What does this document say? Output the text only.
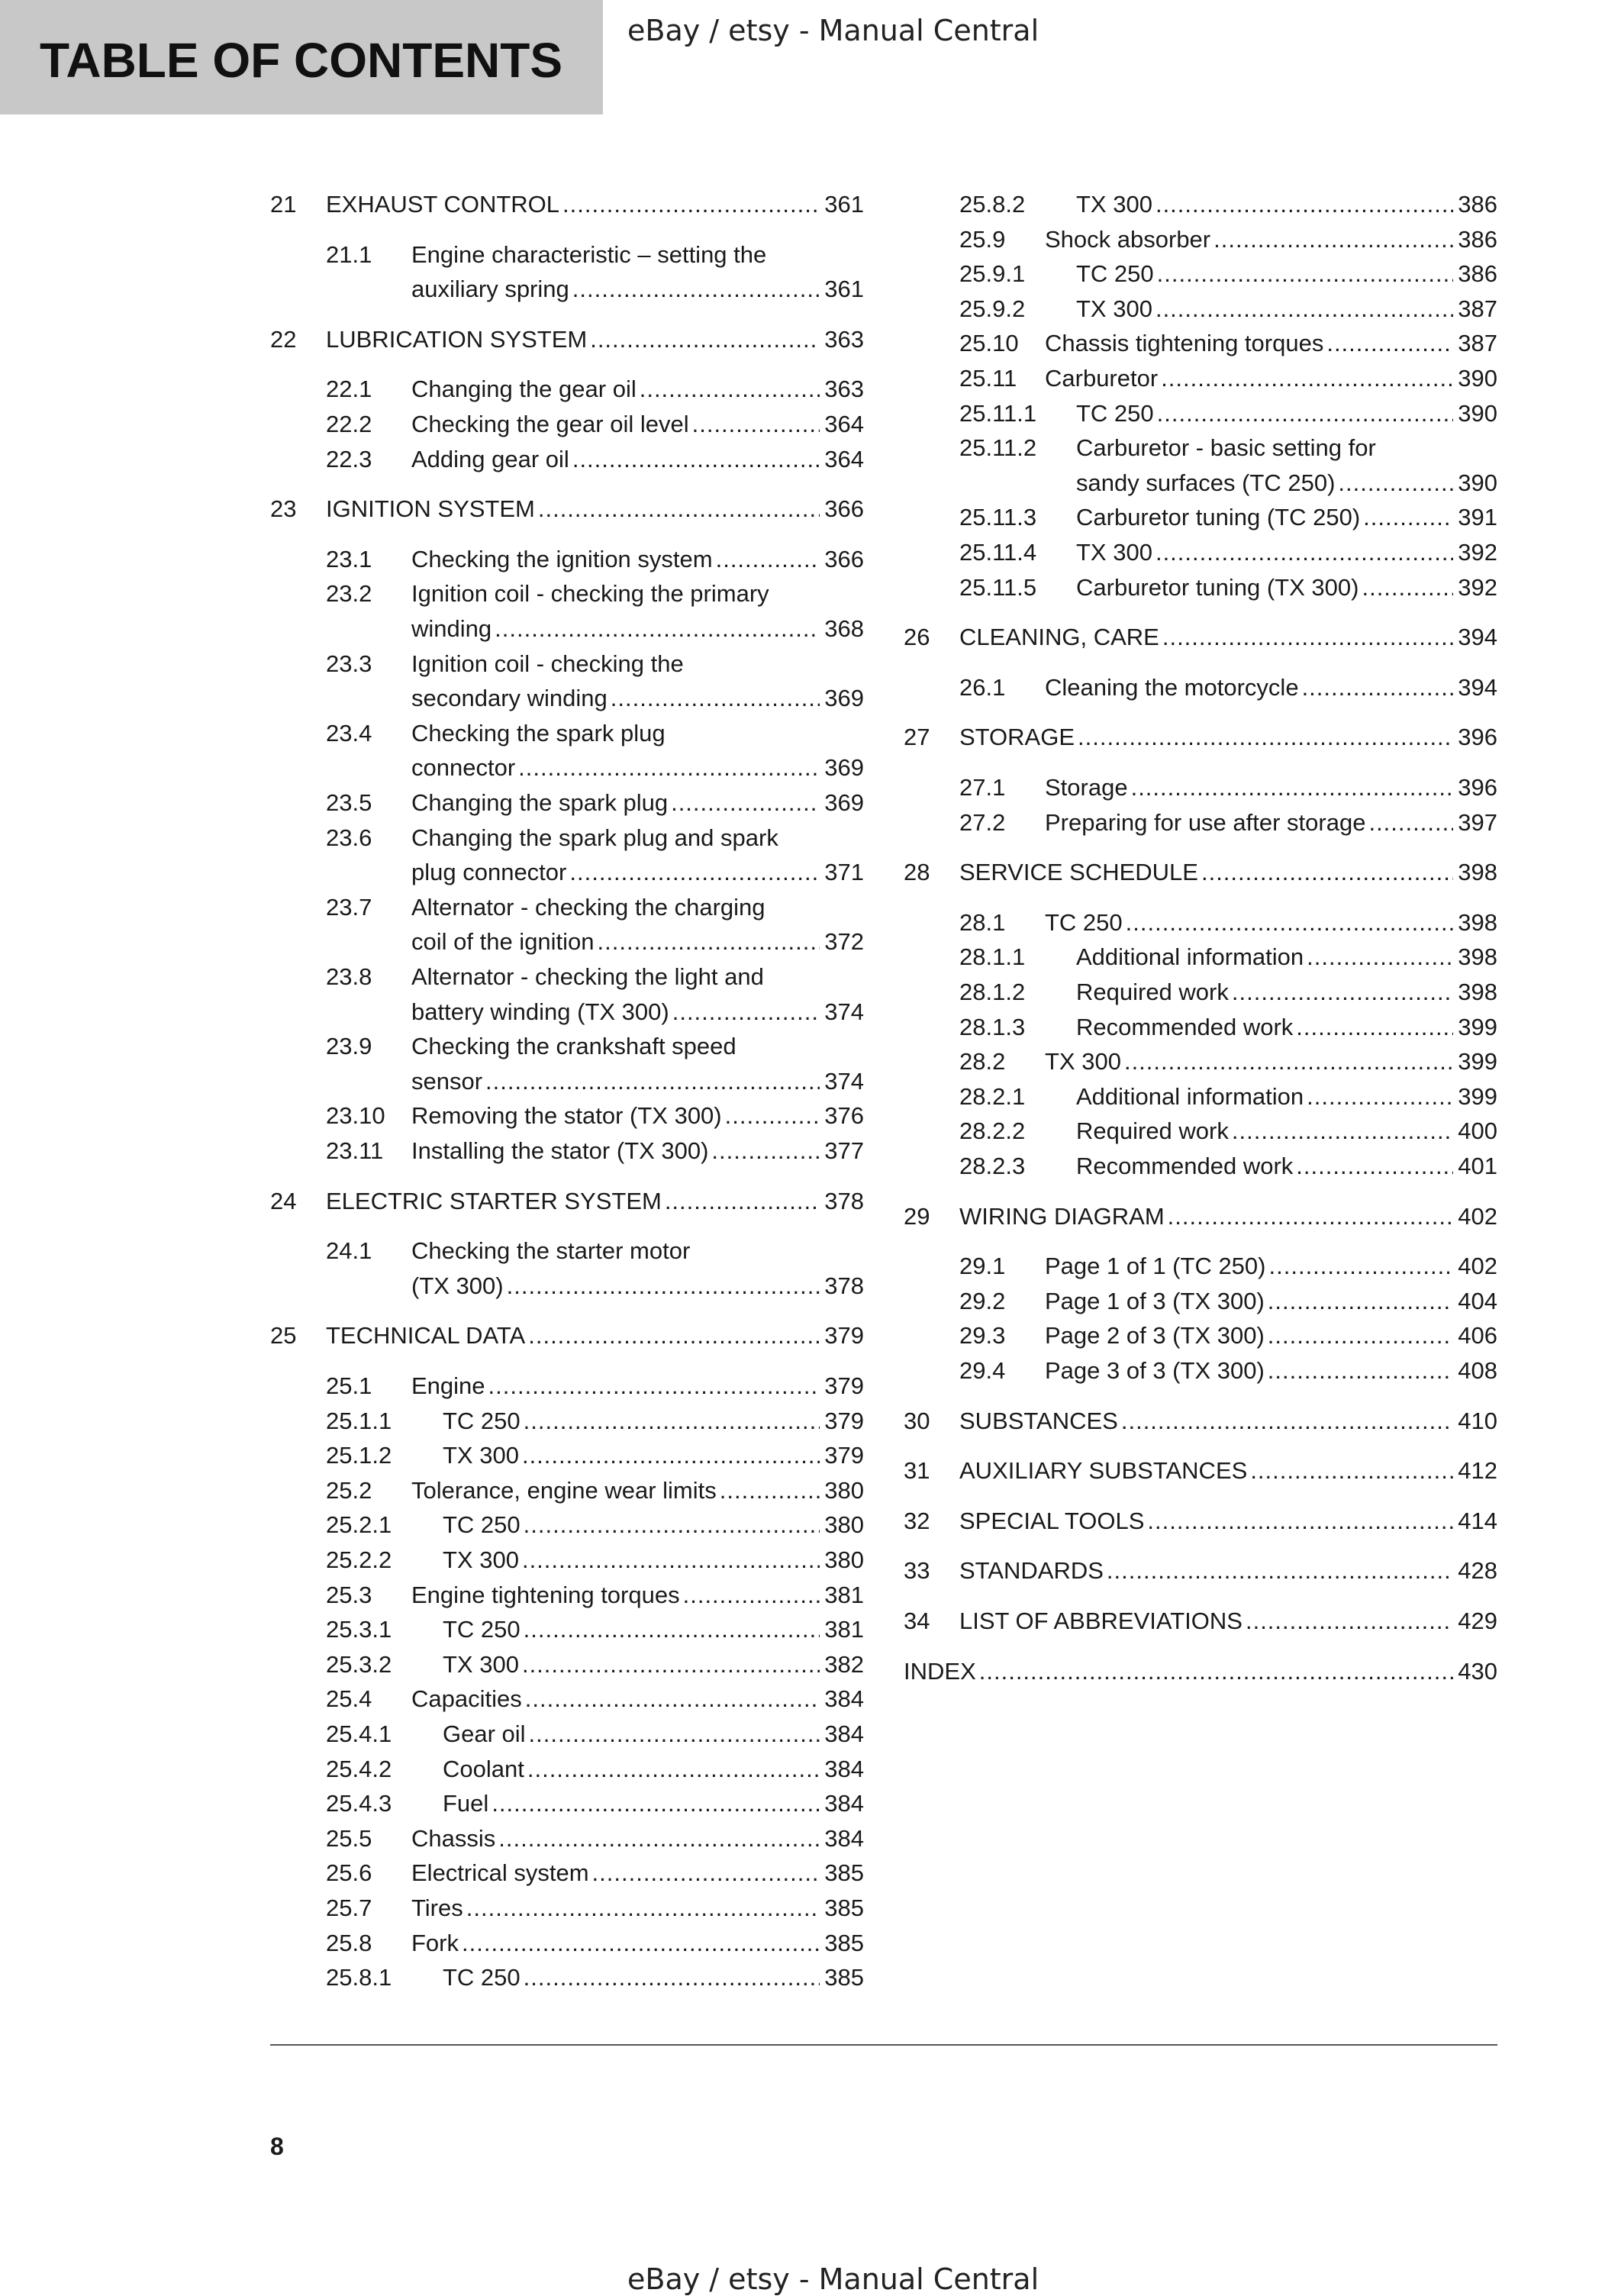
TABLE OF CONTENTS
eBay / etsy - Manual Central
21 EXHAUST CONTROL .....	361
21.1 Engine characteristic – setting the
auxiliary spring .....	361
22 LUBRICATION SYSTEM .....	363
22.1 Changing the gear oil .....	363
22.2 Checking the gear oil level .....	364
22.3 Adding gear oil .....	364
23 IGNITION SYSTEM .....	366
23.1 Checking the ignition system .....	366
23.2 Ignition coil - checking the primary
winding .....	368
23.3 Ignition coil - checking the
secondary winding .....	369
23.4 Checking the spark plug
connector .....	369
23.5 Changing the spark plug .....	369
23.6 Changing the spark plug and spark
plug connector .....	371
23.7 Alternator - checking the charging
coil of the ignition .....	372
23.8 Alternator - checking the light and
battery winding (TX 300) .....	374
23.9 Checking the crankshaft speed
sensor .....	374
23.10 Removing the stator (TX 300) .....	376
23.11 Installing the stator (TX 300) .....	377
24 ELECTRIC STARTER SYSTEM .....	378
24.1 Checking the starter motor
(TX 300) .....	378
25 TECHNICAL DATA .....	379
25.1 Engine .....	379
25.1.1 TC 250 .....	379
25.1.2 TX 300 .....	379
25.2 Tolerance, engine wear limits .....	380
25.2.1 TC 250 .....	380
25.2.2 TX 300 .....	380
25.3 Engine tightening torques .....	381
25.3.1 TC 250 .....	381
25.3.2 TX 300 .....	382
25.4 Capacities .....	384
25.4.1 Gear oil .....	384
25.4.2 Coolant .....	384
25.4.3 Fuel .....	384
25.5 Chassis .....	384
25.6 Electrical system .....	385
25.7 Tires .....	385
25.8 Fork .....	385
25.8.1 TC 250 .....	385
25.8.2 TX 300 .....	386
25.9 Shock absorber .....	386
25.9.1 TC 250 .....	386
25.9.2 TX 300 .....	387
25.10 Chassis tightening torques .....	387
25.11 Carburetor .....	390
25.11.1 TC 250 .....	390
25.11.2 Carburetor - basic setting for
sandy surfaces (TC 250) .....	390
25.11.3 Carburetor tuning (TC 250) .....	391
25.11.4 TX 300 .....	392
25.11.5 Carburetor tuning (TX 300) .....	392
26 CLEANING, CARE .....	394
26.1 Cleaning the motorcycle .....	394
27 STORAGE .....	396
27.1 Storage .....	396
27.2 Preparing for use after storage .....	397
28 SERVICE SCHEDULE .....	398
28.1 TC 250 .....	398
28.1.1 Additional information .....	398
28.1.2 Required work .....	398
28.1.3 Recommended work .....	399
28.2 TX 300 .....	399
28.2.1 Additional information .....	399
28.2.2 Required work .....	400
28.2.3 Recommended work .....	401
29 WIRING DIAGRAM .....	402
29.1 Page 1 of 1 (TC 250) .....	402
29.2 Page 1 of 3 (TX 300) .....	404
29.3 Page 2 of 3 (TX 300) .....	406
29.4 Page 3 of 3 (TX 300) .....	408
30 SUBSTANCES .....	410
31 AUXILIARY SUBSTANCES .....	412
32 SPECIAL TOOLS .....	414
33 STANDARDS .....	428
34 LIST OF ABBREVIATIONS .....	429
INDEX .....	430
8
eBay / etsy - Manual Central
